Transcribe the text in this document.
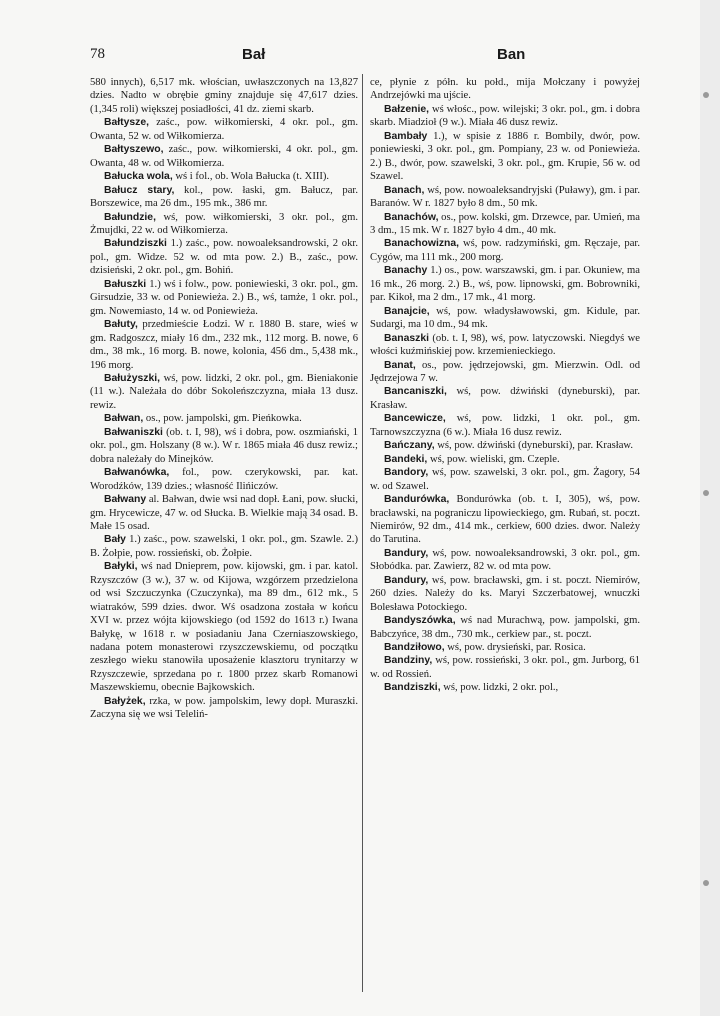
78	Bał	Ban

580 innych), 6,517 mk. włościan, uwłaszczonych na 13,827 dzies. Nadto w obrębie gminy znajduje się 47,617 dzies. (1,345 roli) większej posiadłości, 41 dz. ziemi skarb.

Bałtysze, zaśc., pow. wiłkomierski, 4 okr. pol., gm. Owanta, 52 w. od Wiłkomierza.

Bałtyszewo, zaśc., pow. wiłkomierski, 4 okr. pol., gm. Owanta, 48 w. od Wiłkomierza.

Bałucka wola, wś i fol., ob. Wola Bałucka (t. XIII).

Bałucz stary, kol., pow. łaski, gm. Bałucz, par. Borszewice, ma 26 dm., 195 mk., 386 mr.

Bałundzie, wś, pow. wiłkomierski, 3 okr. pol., gm. Żmujdki, 22 w. od Wiłkomierza.

Bałundziszki 1.) zaśc., pow. nowoaleksandrowski, 2 okr. pol., gm. Widze. 52 w. od mta pow. 2.) B., zaśc., pow. dzisieński, 2 okr. pol., gm. Bohiń.

Bałuszki 1.) wś i folw., pow. poniewieski, 3 okr. pol., gm. Girsudzie, 33 w. od Poniewieża. 2.) B., wś, tamże, 1 okr. pol., gm. Nowemiasto, 14 w. od Poniewieża.

Bałuty, przedmieście Łodzi. W r. 1880 B. stare, wieś w gm. Radgoszcz, miały 16 dm., 232 mk., 112 morg. B. nowe, 6 dm., 38 mk., 16 morg. B. nowe, kolonia, 456 dm., 5,438 mk., 196 morg.

Bałużyszki, wś, pow. lidzki, 2 okr. pol., gm. Bieniakonie (11 w.). Należała do dóbr Sokoleńszczyzna, miała 13 dusz. rewiz.

Bałwan, os., pow. jampolski, gm. Pieńkowka.

Bałwaniszki (ob. t. I, 98), wś i dobra, pow. oszmiański, 1 okr. pol., gm. Holszany (8 w.). W r. 1865 miała 46 dusz rewiz.; dobra należały do Minejków.

Bałwanówka, fol., pow. czerykowski, par. kat. Worodźków, 139 dzies.; własność Ilińiczów.

Bałwany al. Bałwan, dwie wsi nad dopł. Łani, pow. słucki, gm. Hrycewicze, 47 w. od Słucka. B. Wielkie mają 34 osad. B. Małe 15 osad.

Bały 1.) zaśc., pow. szawelski, 1 okr. pol., gm. Szawle. 2.) B. Żołpie, pow. rossieński, ob. Żołpie.

Bałyki, wś nad Dnieprem, pow. kijowski, gm. i par. katol. Rzyszczów (3 w.), 37 w. od Kijowa, wzgórzem przedzielona od wsi Szczuczynka (Czuczynka), ma 89 dm., 612 mk., 5 wiatraków, 599 dzies. dwor. Wś osadzona została w końcu XVI w. przez wójta kijowskiego (od 1592 do 1613 r.) Iwana Bałykę, w 1618 r. w posiadaniu Jana Czerniaszowskiego, nadana potem monasterowi rzyszczewskiemu, od początku zeszłego wieku stanowiła uposażenie klasztoru trynitarzy w Rzyszczewie, sprzedana po r. 1800 przez skarb Romanowi Maszewskiemu, obecnie Bajkowskich.

Bałyżek, rzka, w pow. jampolskim, lewy dopł. Muraszki. Zaczyna się we wsi Teleliń-

ce, płynie z półn. ku połd., mija Mołczany i powyżej Andrzejówki ma ujście.

Bałzenie, wś włośc., pow. wilejski; 3 okr. pol., gm. i dobra skarb. Miadzioł (9 w.). Miała 46 dusz rewiz.

Bambały 1.), w spisie z 1886 r. Bombily, dwór, pow. poniewieski, 3 okr. pol., gm. Pompiany, 23 w. od Poniewieża. 2.) B., dwór, pow. szawelski, 3 okr. pol., gm. Krupie, 56 w. od Szawel.

Banach, wś, pow. nowoaleksandryjski (Puławy), gm. i par. Baranów. W r. 1827 było 8 dm., 50 mk.

Banachów, os., pow. kolski, gm. Drzewce, par. Umień, ma 3 dm., 15 mk. W r. 1827 było 4 dm., 40 mk.

Banachowizna, wś, pow. radzymiński, gm. Ręczaje, par. Cygów, ma 111 mk., 200 morg.

Banachy 1.) os., pow. warszawski, gm. i par. Okuniew, ma 16 mk., 26 morg. 2.) B., wś, pow. lipnowski, gm. Bobrowniki, par. Kikoł, ma 2 dm., 17 mk., 41 morg.

Banajcie, wś, pow. władysławowski, gm. Kidule, par. Sudargi, ma 10 dm., 94 mk.

Banaszki (ob. t. I, 98), wś, pow. latyczowski. Niegdyś we włości kuźmińskiej pow. krzemienieckiego.

Banat, os., pow. jędrzejowski, gm. Mierzwin. Odl. od Jędrzejowa 7 w.

Bancaniszki, wś, pow. dźwiński (dyneburski), par. Krasław.

Bancewicze, wś, pow. lidzki, 1 okr. pol., gm. Tarnowszczyzna (6 w.). Miała 16 dusz rewiz.

Bańczany, wś, pow. dźwiński (dyneburski), par. Krasław.

Bandeki, wś, pow. wieliski, gm. Czeple.

Bandory, wś, pow. szawelski, 3 okr. pol., gm. Żagory, 54 w. od Szawel.

Bandurówka, Bondurówka (ob. t. I, 305), wś, pow. bracławski, na pograniczu lipowieckiego, gm. Rubań, st. poczt. Niemirów, 92 dm., 414 mk., cerkiew, 600 dzies. dwor. Należy do Tarutina.

Bandury, wś, pow. nowoaleksandrowski, 3 okr. pol., gm. Słobódka. par. Zawierz, 82 w. od mta pow.

Bandury, wś, pow. bracławski, gm. i st. poczt. Niemirów, 260 dzies. Należy do ks. Maryi Szczerbatowej, wnuczki Bolesława Potockiego.

Bandyszówka, wś nad Murachwą, pow. jampolski, gm. Babczyńce, 38 dm., 730 mk., cerkiew par., st. poczt.

Bandziłowo, wś, pow. drysieński, par. Rosica.

Bandziny, wś, pow. rossieński, 3 okr. pol., gm. Jurborg, 61 w. od Rossień.

Bandziszki, wś, pow. lidzki, 2 okr. pol.,
